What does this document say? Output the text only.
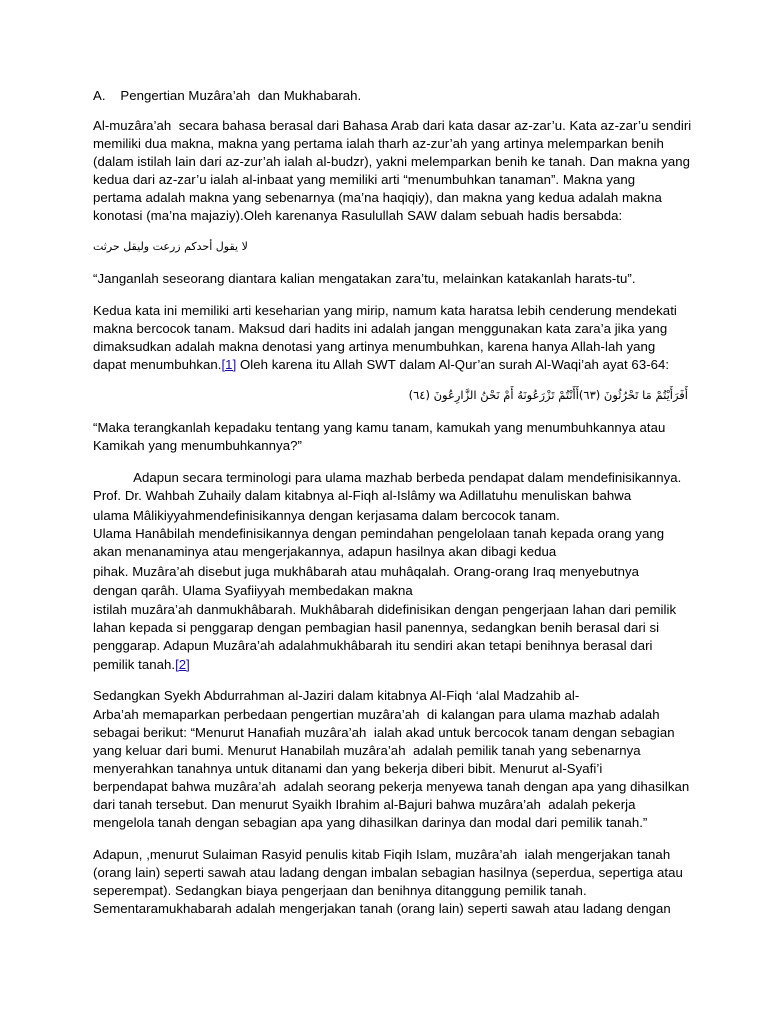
A.    Pengertian Muzâra’ah  dan Mukhabarah.
Al-muzâra’ah  secara bahasa berasal dari Bahasa Arab dari kata dasar az-zar’u. Kata az-zar’u sendiri
memiliki dua makna, makna yang pertama ialah tharh az-zur’ah yang artinya melemparkan benih
(dalam istilah lain dari az-zur’ah ialah al-budzr), yakni melemparkan benih ke tanah. Dan makna yang
kedua dari az-zar’u ialah al-inbaat yang memiliki arti “menumbuhkan tanaman”. Makna yang
pertama adalah makna yang sebenarnya (ma’na haqiqiy), dan makna yang kedua adalah makna
konotasi (ma’na majaziy).Oleh karenanya Rasulullah SAW dalam sebuah hadis bersabda:
لا يقول أحدكم زرعت وليقل حرثت
“Janganlah seseorang diantara kalian mengatakan zara’tu, melainkan katakanlah harats-tu”.
Kedua kata ini memiliki arti keseharian yang mirip, namum kata haratsa lebih cenderung mendekati
makna bercocok tanam. Maksud dari hadits ini adalah jangan menggunakan kata zara’a jika yang
dimaksudkan adalah makna denotasi yang artinya menumbuhkan, karena hanya Allah-lah yang
dapat menumbuhkan.[1] Oleh karena itu Allah SWT dalam Al-Qur’an surah Al-Waqi’ah ayat 63-64:
أَفَرَأَيْتُمْ مَا تَحْرُثُونَ (٦٣)أَأَنْتُمْ تَزْرَعُونَهُ أَمْ نَحْنُ الزَّارِعُونَ (٦٤)
“Maka terangkanlah kepadaku tentang yang kamu tanam, kamukah yang menumbuhkannya atau
Kamikah yang menumbuhkannya?”
Adapun secara terminologi para ulama mazhab berbeda pendapat dalam mendefinisikannya.
Prof. Dr. Wahbah Zuhaily dalam kitabnya al-Fiqh al-Islâmy wa Adillatuhu menuliskan bahwa
ulama Mâlikiyyahmendefinisikannya dengan kerjasama dalam bercocok tanam.
Ulama Hanâbilah mendefinisikannya dengan pemindahan pengelolaan tanah kepada orang yang
akan menanaminya atau mengerjakannya, adapun hasilnya akan dibagi kedua
pihak. Muzâra’ah disebut juga mukhâbarah atau muhâqalah. Orang-orang Iraq menyebutnya
dengan qarâh. Ulama Syafiiyyah membedakan makna
istilah muzâra’ah danmukhâbarah. Mukhâbarah didefinisikan dengan pengerjaan lahan dari pemilik
lahan kepada si penggarap dengan pembagian hasil panennya, sedangkan benih berasal dari si
penggarap. Adapun Muzâra’ah adalahmukhâbarah itu sendiri akan tetapi benihnya berasal dari
pemilik tanah.[2]
Sedangkan Syekh Abdurrahman al-Jaziri dalam kitabnya Al-Fiqh ‘alal Madzahib al-
Arba’ah memaparkan perbedaan pengertian muzâra’ah  di kalangan para ulama mazhab adalah
sebagai berikut: “Menurut Hanafiah muzâra’ah  ialah akad untuk bercocok tanam dengan sebagian
yang keluar dari bumi. Menurut Hanabilah muzâra’ah  adalah pemilik tanah yang sebenarnya
menyerahkan tanahnya untuk ditanami dan yang bekerja diberi bibit. Menurut al-Syafi’i
berpendapat bahwa muzâra’ah  adalah seorang pekerja menyewa tanah dengan apa yang dihasilkan
dari tanah tersebut. Dan menurut Syaikh Ibrahim al-Bajuri bahwa muzâra’ah  adalah pekerja
mengelola tanah dengan sebagian apa yang dihasilkan darinya dan modal dari pemilik tanah.”
Adapun, ,menurut Sulaiman Rasyid penulis kitab Fiqih Islam, muzâra’ah  ialah mengerjakan tanah
(orang lain) seperti sawah atau ladang dengan imbalan sebagian hasilnya (seperdua, sepertiga atau
seperempat). Sedangkan biaya pengerjaan dan benihnya ditanggung pemilik tanah.
Sementaramukhabarah adalah mengerjakan tanah (orang lain) seperti sawah atau ladang dengan
